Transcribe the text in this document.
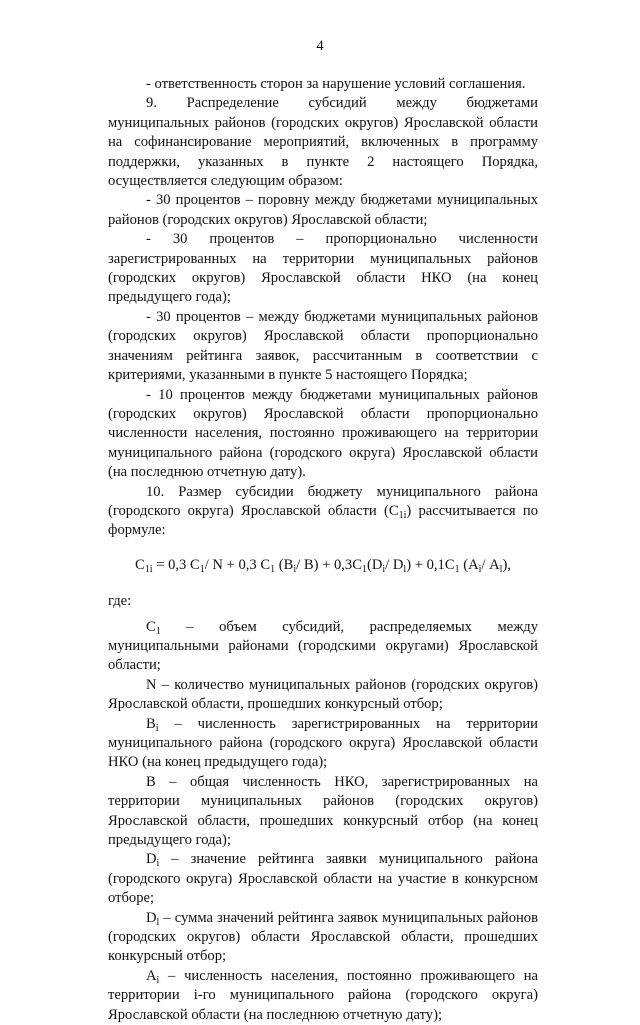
4

- ответственность сторон за нарушение условий соглашения.

9. Распределение субсидий между бюджетами муниципальных районов (городских округов) Ярославской области на софинансирование мероприятий, включенных в программу поддержки, указанных в пункте 2 настоящего Порядка, осуществляется следующим образом:

- 30 процентов – поровну между бюджетами муниципальных районов (городских округов) Ярославской области;

- 30 процентов – пропорционально численности зарегистрированных на территории муниципальных районов (городских округов) Ярославской области НКО (на конец предыдущего года);

- 30 процентов – между бюджетами муниципальных районов (городских округов) Ярославской области пропорционально значениям рейтинга заявок, рассчитанным в соответствии с критериями, указанными в пункте 5 настоящего Порядка;

- 10 процентов между бюджетами муниципальных районов (городских округов) Ярославской области пропорционально численности населения, постоянно проживающего на территории муниципального района (городского округа) Ярославской области (на последнюю отчетную дату).

10. Размер субсидии бюджету муниципального района (городского округа) Ярославской области $(С_{1i})$ рассчитывается по формуле:

$С_{1i} = 0,3$ $С_1/$ N + 0,3 $С_1$ ($В_i/$ $В) + 0,3С_1(D_i/$ $D_l) + 0,1С_1$ ($А_i/$ $А_l$),

где:

$С_1$ – объем субсидий, распределяемых между муниципальными районами (городскими округами) Ярославской области;

N – количество муниципальных районов (городских округов) Ярославской области, прошедших конкурсный отбор;

$В_i$ – численность зарегистрированных на территории муниципального района (городского округа) Ярославской области НКО (на конец предыдущего года);

В – общая численность НКО, зарегистрированных на территории муниципальных районов (городских округов) Ярославской области, прошедших конкурсный отбор (на конец предыдущего года);

$D_i$ – значение рейтинга заявки муниципального района (городского округа) Ярославской области на участие в конкурсном отборе;

$D_l$ – сумма значений рейтинга заявок муниципальных районов (городских округов) области Ярославской области, прошедших конкурсный отбор;

$А_i$ – численность населения, постоянно проживающего на территории i-го муниципального района (городского округа) Ярославской области (на последнюю отчетную дату);
